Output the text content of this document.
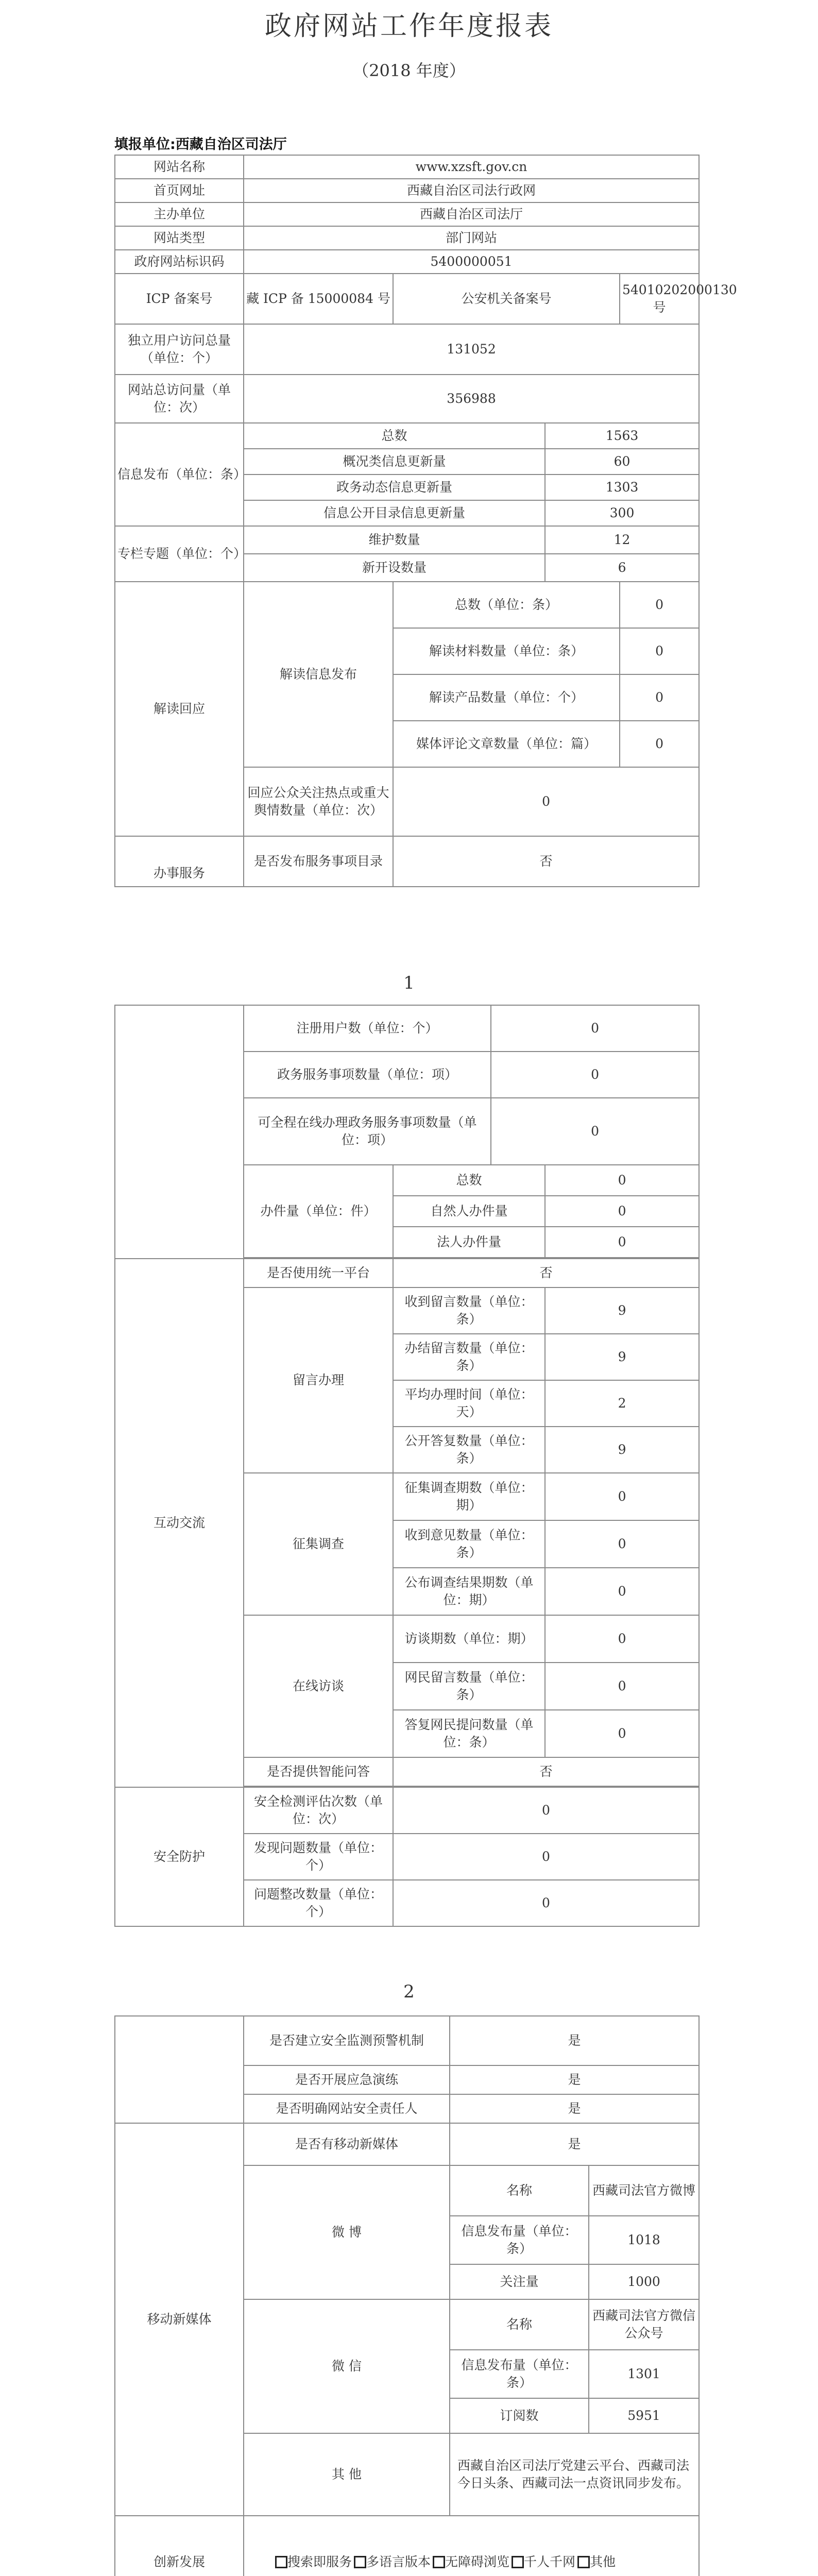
政府网站工作年度报表
（2018 年度）
填报单位:西藏自治区司法厅
网站名称	www.xzsft.gov.cn			
首页网址	西藏自治区司法行政网			
主办单位	西藏自治区司法厅			
网站类型	部门网站			
政府网站标识码	5400000051			
ICP 备案号	藏 ICP 备 15000084 号	公安机关备案号		54010202000130 号
独立用户访问总量（单位：个）	131052			
网站总访问量（单位：次）	356988			
信息发布（单位：条）	总数		1563	
	概况类信息更新量		60	
	政务动态信息更新量		1303	
	信息公开目录信息更新量		300	
专栏专题（单位：个）	维护数量		12	
	新开设数量		6	
解读回应	解读信息发布	总数（单位：条）		0
		解读材料数量（单位：条）		0
		解读产品数量（单位：个）		0
		媒体评论文章数量（单位：篇）		0
	回应公众关注热点或重大舆情数量（单位：次）	0		
办事服务	是否发布服务事项目录	否		
1
	注册用户数（单位：个）		0	
	政务服务事项数量（单位：项）		0	
	可全程在线办理政务服务事项数量（单位：项）		0	
	办件量（单位：件）	总数		0
		自然人办件量		0
		法人办件量		0

互动交流	是否使用统一平台	否		
	留言办理	收到留言数量（单位：条）		9
		办结留言数量（单位：条）		9
		平均办理时间（单位：天）		2
		公开答复数量（单位：条）		9
	征集调查	征集调查期数（单位：期）		0
		收到意见数量（单位：条）		0
		公布调查结果期数（单位：期）		0
	在线访谈	访谈期数（单位：期）		0
		网民留言数量（单位：条）		0
		答复网民提问数量（单位：条）		0
	是否提供智能问答	否		

安全防护	安全检测评估次数（单位：次）	0		
	发现问题数量（单位：个）	0		
	问题整改数量（单位：个）	0		
2
	是否建立安全监测预警机制	是	
	是否开展应急演练	是	
	是否明确网站安全责任人	是	
移动新媒体	是否有移动新媒体	是	
	微 博	名称	西藏司法官方微博
		信息发布量（单位：条）	1018
		关注量	1000
	微 信	名称	西藏司法官方微信公众号
		信息发布量（单位：条）	1301
		订阅数	5951
	其 他	西藏自治区司法厅党建云平台、西藏司法今日头条、西藏司法一点资讯同步发布。	
创新发展	搜索即服务 多语言版本 无障碍浏览 千人千网 其他		
